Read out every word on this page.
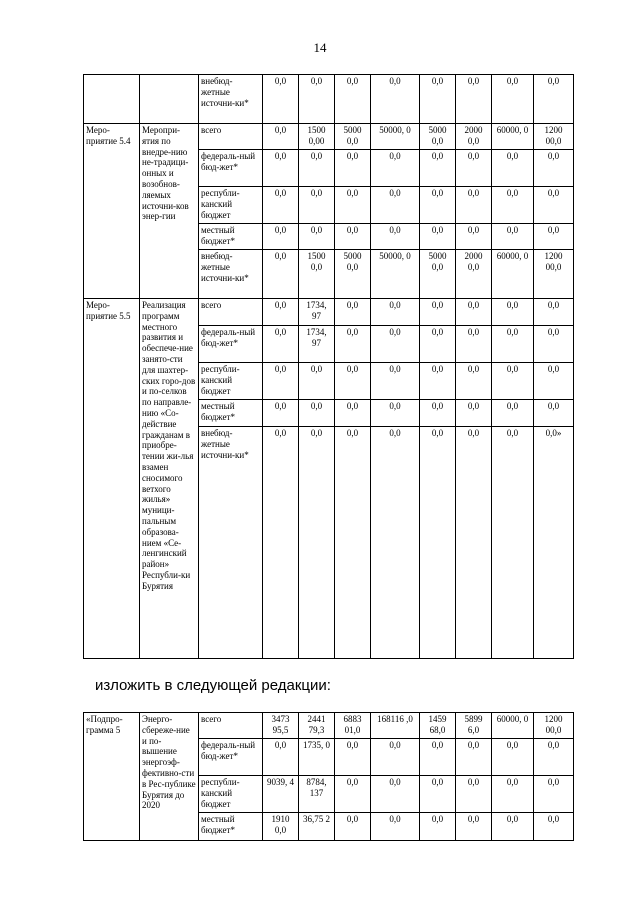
14
		внебюд-жетные источни-ки*	0,0	0,0	0,0	0,0	0,0	0,0	0,0	0,0
Меро-приятие 5.4	Меропри-ятия по внедре-нию не-традици-онных и возобнов-ляемых источни-ков энер-гии	всего	0,0	1500 0,00	5000 0,0	50000, 0	5000 0,0	2000 0,0	60000, 0	1200 00,0
		федераль-ный бюд-жет*	0,0	0,0	0,0	0,0	0,0	0,0	0,0	0,0
		республи-канский бюджет	0,0	0,0	0,0	0,0	0,0	0,0	0,0	0,0
		местный бюджет*	0,0	0,0	0,0	0,0	0,0	0,0	0,0	0,0
		внебюд-жетные источни-ки*	0,0	1500 0,0	5000 0,0	50000, 0	5000 0,0	2000 0,0	60000, 0	1200 00,0
Меро-приятие 5.5	Реализация программ местного развития и обеспече-ние занято-сти для шахтер-ских горо-дов и по-селков по направле-нию «Со-действие гражданам в приобре-тении жи-лья взамен сносимого ветхого жилья» муници-пальным образова-нием «Се-ленгинский район» Республи-ки Бурятия	всего	0,0	1734, 97	0,0	0,0	0,0	0,0	0,0	0,0
		федераль-ный бюд-жет*	0,0	1734, 97	0,0	0,0	0,0	0,0	0,0	0,0
		республи-канский бюджет	0,0	0,0	0,0	0,0	0,0	0,0	0,0	0,0
		местный бюджет*	0,0	0,0	0,0	0,0	0,0	0,0	0,0	0,0
		внебюд-жетные источни-ки*	0,0	0,0	0,0	0,0	0,0	0,0	0,0	0,0»
изложить в следующей редакции:
«Подпро-грамма 5	Энерго-сбереже-ние и по-вышение энергоэф-фективно-сти в Рес-публике Бурятия до 2020	всего	3473 95,5	2441 79,3	6883 01,0	168116 ,0	1459 68,0	5899 6,0	60000, 0	1200 00,0
		федераль-ный бюд-жет*	0,0	1735, 0	0,0	0,0	0,0	0,0	0,0	0,0
		республи-канский бюджет	9039, 4	8784, 137	0,0	0,0	0,0	0,0	0,0	0,0
		местный бюджет*	1910 0,0	36,75 2	0,0	0,0	0,0	0,0	0,0	0,0
